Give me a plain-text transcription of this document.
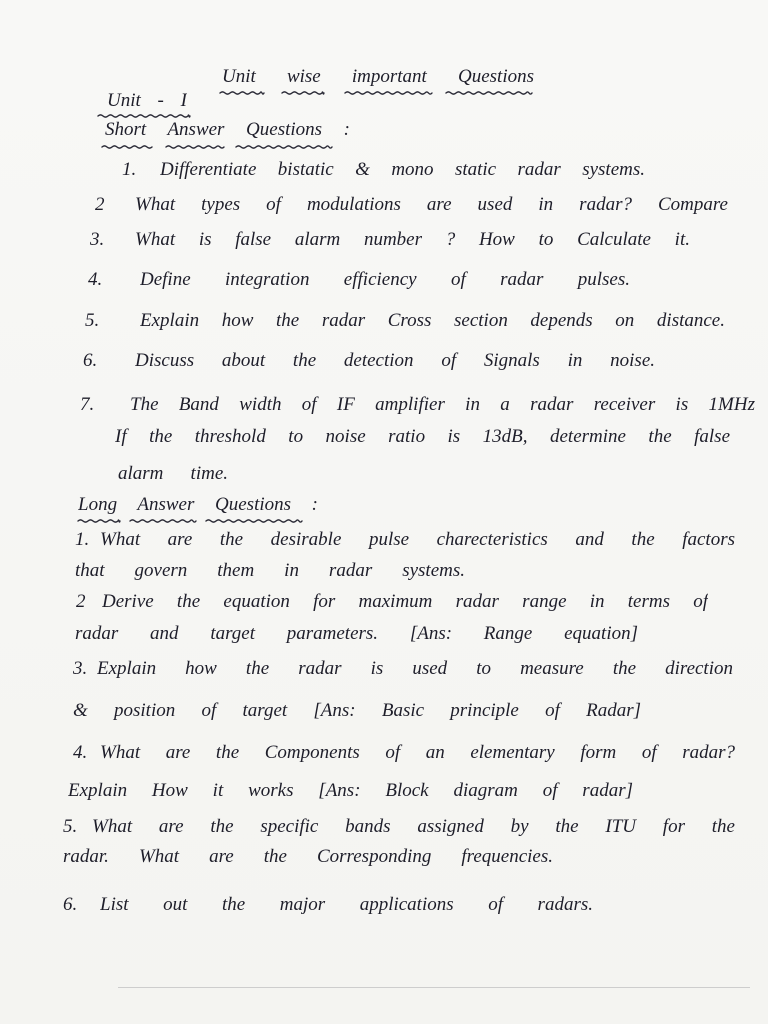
Unit wise important Questions
Unit - I
Short Answer Questions :
1. Differentiate bistatic & mono static radar systems.
2 What types of modulations are used in radar? Compare
3. What is false alarm number ? How to Calculate it.
4. Define integration efficiency of radar pulses.
5. Explain how the radar Cross section depends on distance.
6. Discuss about the detection of Signals in noise.
7. The Band width of IF amplifier in a radar receiver is 1MHz
If the threshold to noise ratio is 13dB, determine the false
alarm time.
Long Answer Questions :
1. What are the desirable pulse charecteristics and the factors
that govern them in radar systems.
2 Derive the equation for maximum radar range in terms of
radar and target parameters. [Ans: Range equation]
3. Explain how the radar is used to measure the direction
& position of target [Ans: Basic principle of Radar]
4. What are the Components of an elementary form of radar?
Explain How it works [Ans: Block diagram of radar]
5. What are the specific bands assigned by the ITU for the
radar. What are the Corresponding frequencies.
6. List out the major applications of radars.
